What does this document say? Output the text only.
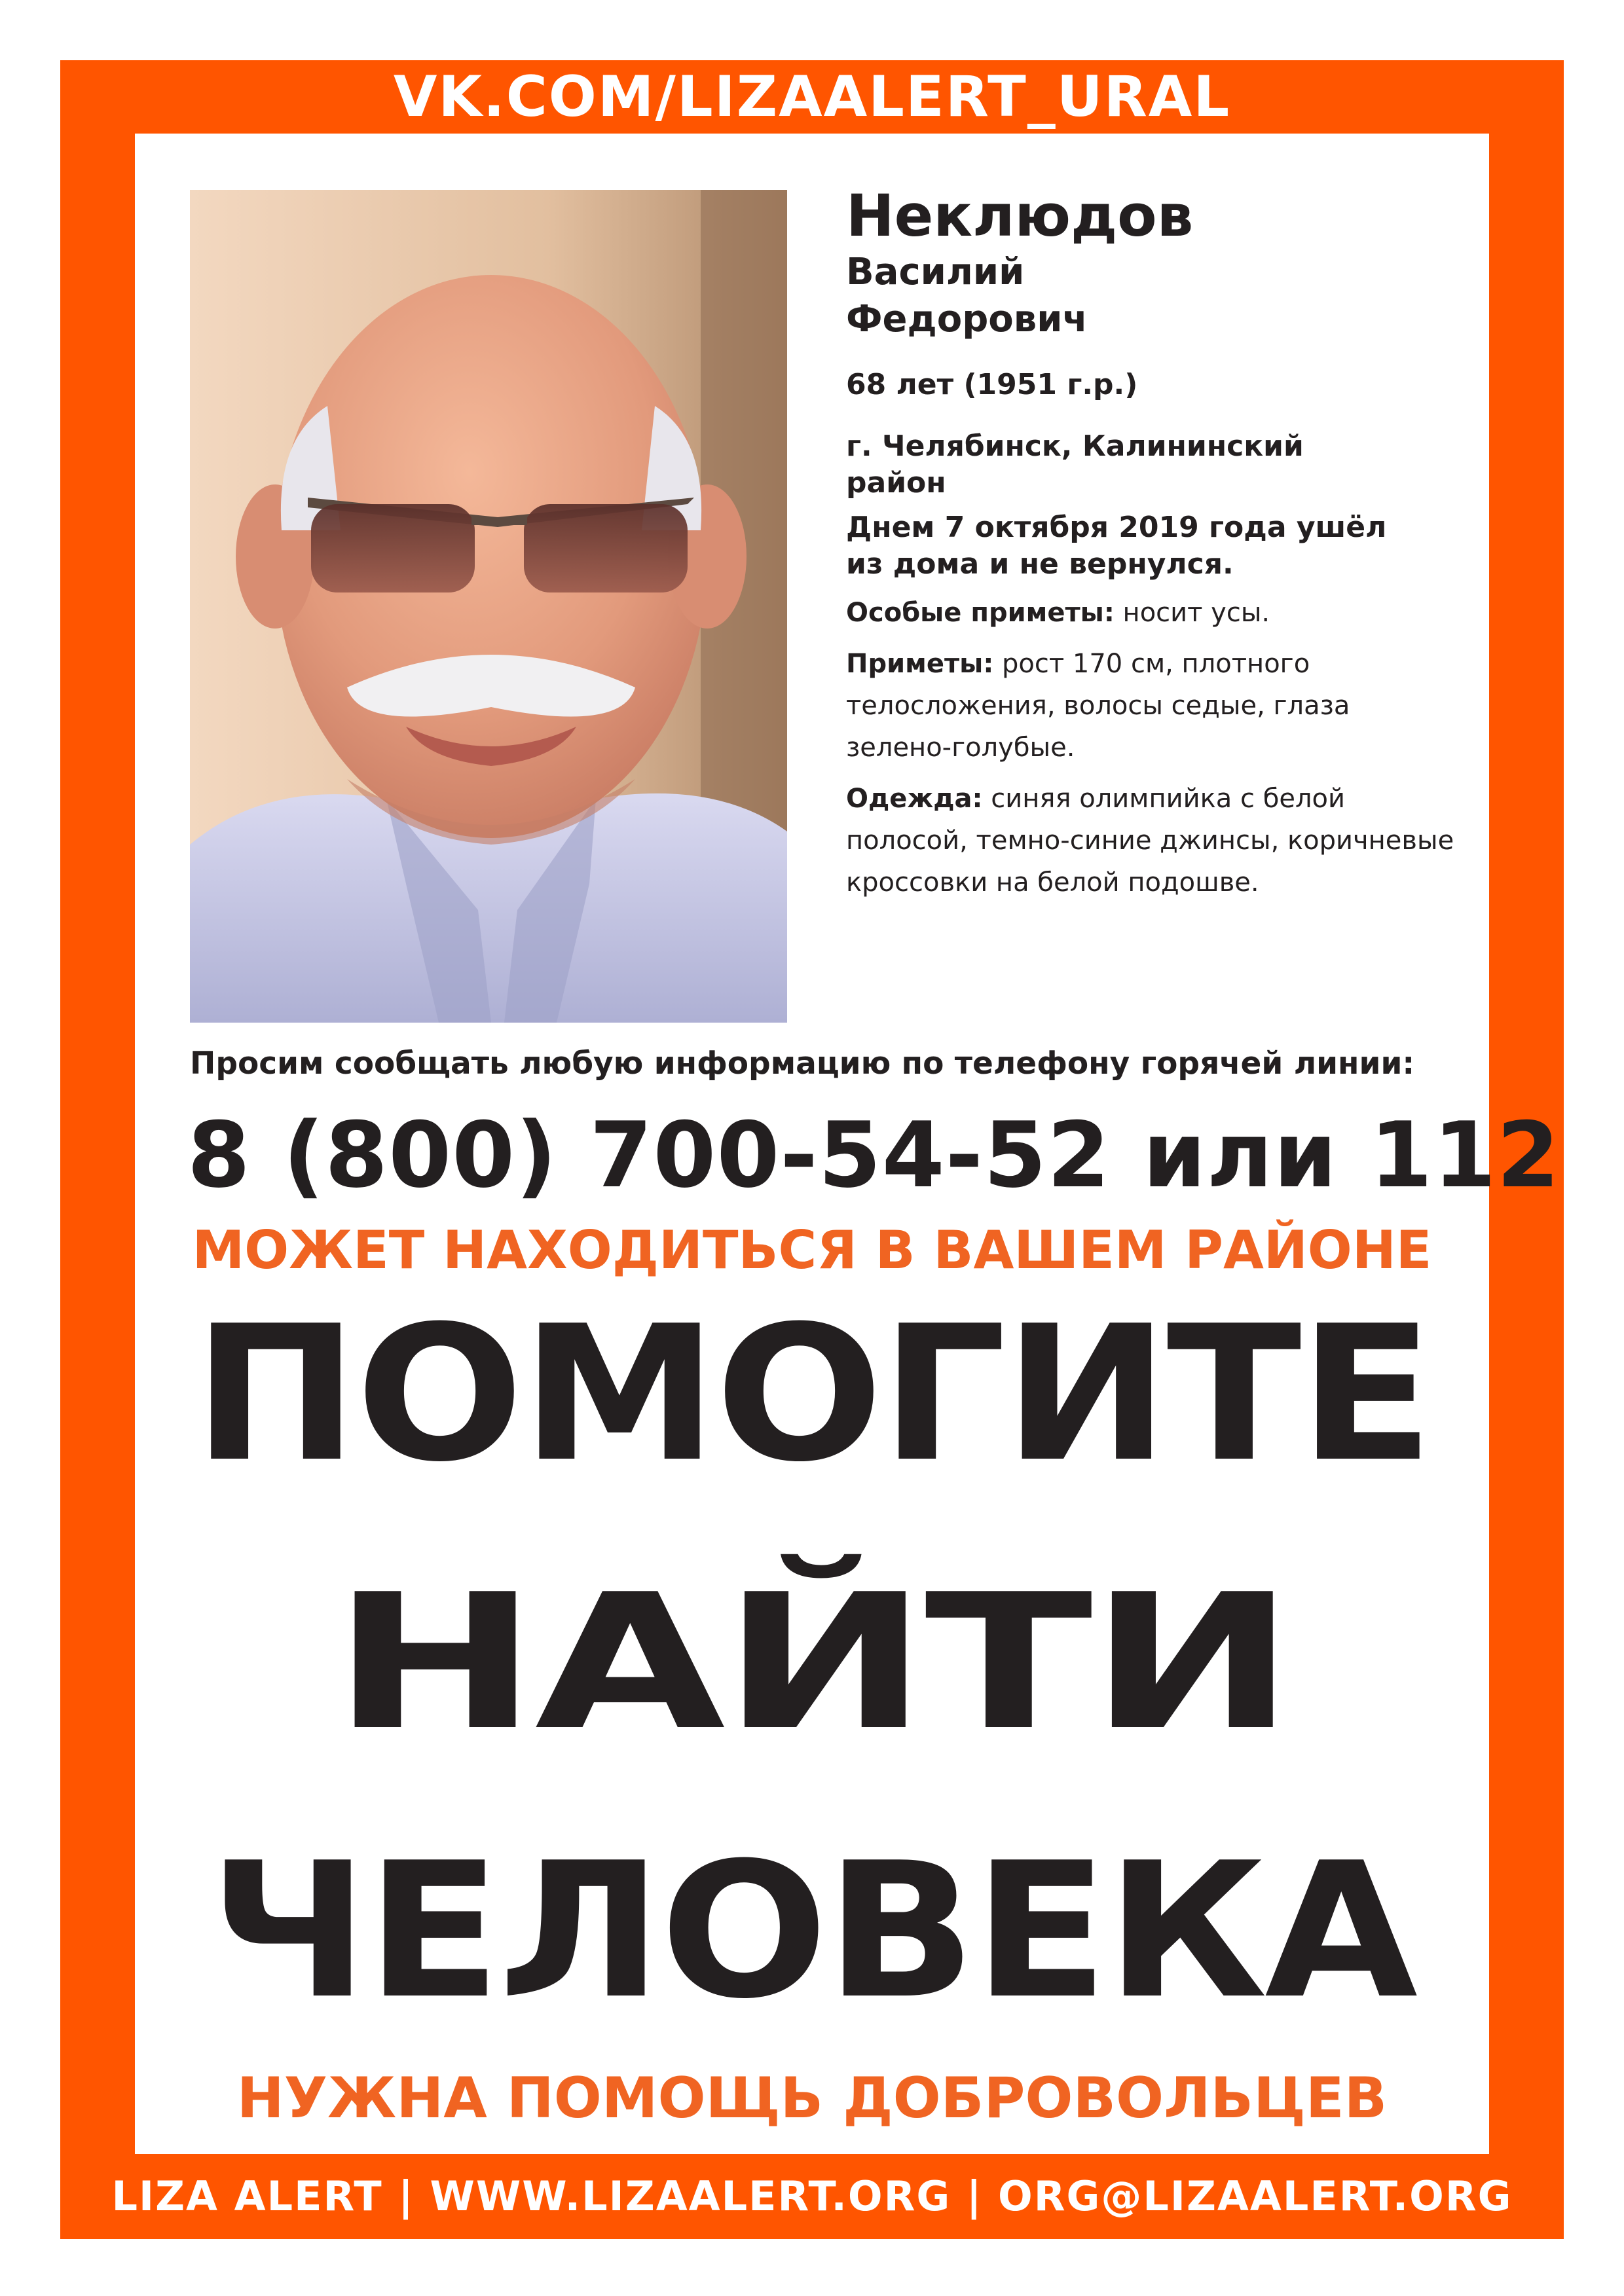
VK.COM/LIZAALERT_URAL
Неклюдов
Василий
Федорович
68 лет (1951 г.р.)
г. Челябинск, Калининский
район
Днем 7 октября 2019 года ушёл
из дома и не вернулся.
Особые приметы: носит усы.
Приметы: рост 170 см, плотного телосложения, волосы седые, глаза зелено-голубые.
Одежда: синяя олимпийка с белой полосой, темно-синие джинсы, коричневые кроссовки на белой подошве.
Просим сообщать любую информацию по телефону горячей линии:
8 (800) 700-54-52 или 112
МОЖЕТ НАХОДИТЬСЯ В ВАШЕМ РАЙОНЕ
ПОМОГИТЕ
НАЙТИ
ЧЕЛОВЕКА
НУЖНА ПОМОЩЬ ДОБРОВОЛЬЦЕВ
LIZA ALERT | WWW.LIZAALERT.ORG | ORG@LIZAALERT.ORG
